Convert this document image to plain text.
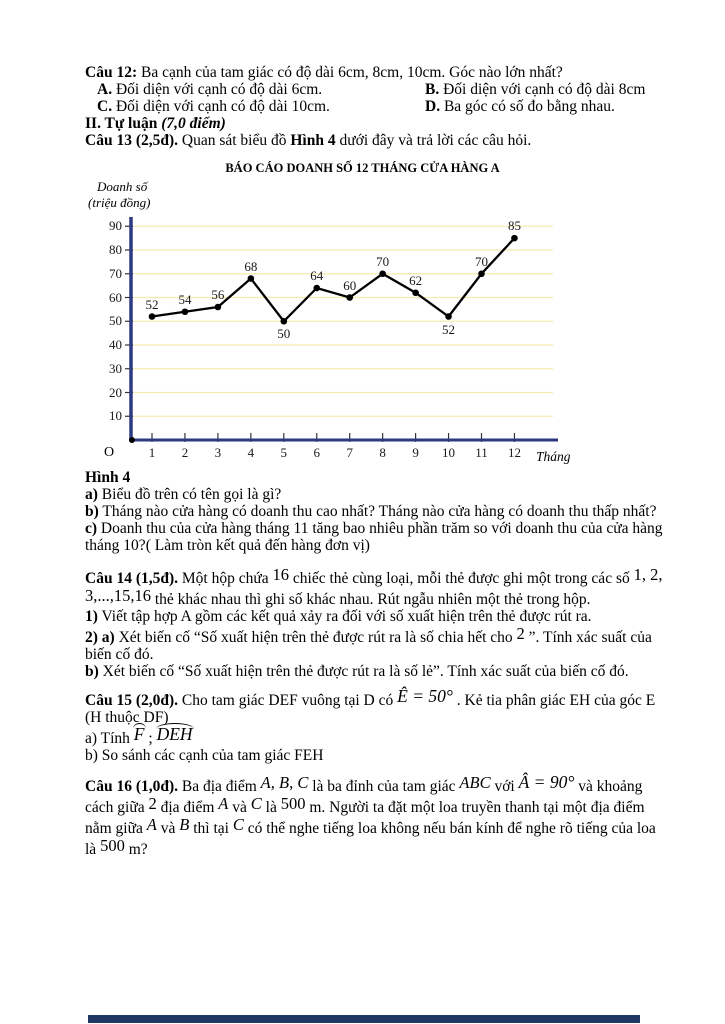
Câu 12: Ba cạnh của tam giác có độ dài 6cm, 8cm, 10cm. Góc nào lớn nhất?

A. Đối diện với cạnh có độ dài 6cm.	B. Đối diện với cạnh có độ dài 8cm
C. Đối diện với cạnh có độ dài 10cm.	D. Ba góc có số đo bằng nhau.

II. Tự luận (7,0 điểm)

Câu 13 (2,5đ). Quan sát biểu đồ Hình 4 dưới đây và trả lời các câu hỏi.

BÁO CÁO DOANH SỐ 12 THÁNG CỬA HÀNG A
Doanh số
(triệu đồng)
O	Tháng
10
20
30
40
50
60
70
80
90
1	2	3	4	5	6	7	8	9	10	11	12
52	54	56
68
50
64
60
70
62
52
70
85

Hình 4

a) Biểu đồ trên có tên gọi là gì?

b) Tháng nào cửa hàng có doanh thu cao nhất? Tháng nào cửa hàng có doanh thu thấp nhất?

c) Doanh thu của cửa hàng tháng 11 tăng bao nhiêu phần trăm so với doanh thu của cửa hàng tháng 10?( Làm tròn kết quả đến hàng đơn vị)

Câu 14 (1,5đ). Một hộp chứa 16 chiếc thẻ cùng loại, mỗi thẻ được ghi một trong các số 1, 2, 3,...,15,16 thẻ khác nhau thì ghi số khác nhau. Rút ngẫu nhiên một thẻ trong hộp.

1) Viết tập hợp A gồm các kết quả xảy ra đối với số xuất hiện trên thẻ được rút ra.

2) a) Xét biến cố “Số xuất hiện trên thẻ được rút ra là số chia hết cho 2 ”. Tính xác suất của biến cố đó.

b) Xét biến cố “Số xuất hiện trên thẻ được rút ra là số lẻ”. Tính xác suất của biến cố đó.

Câu 15 (2,0đ). Cho tam giác DEF vuông tại D có Ê = 50° . Kẻ tia phân giác EH của góc E (H thuộc DF)

a) Tính F ; DEH

b) So sánh các cạnh của tam giác FEH

Câu 16 (1,0đ). Ba địa điểm A, B, C là ba đỉnh của tam giác ABC với Â = 90° và khoảng cách giữa 2 địa điểm A và C là 500 m. Người ta đặt một loa truyền thanh tại một địa điểm nằm giữa A và B thì tại C có thể nghe tiếng loa không nếu bán kính để nghe rõ tiếng của loa là 500 m?
